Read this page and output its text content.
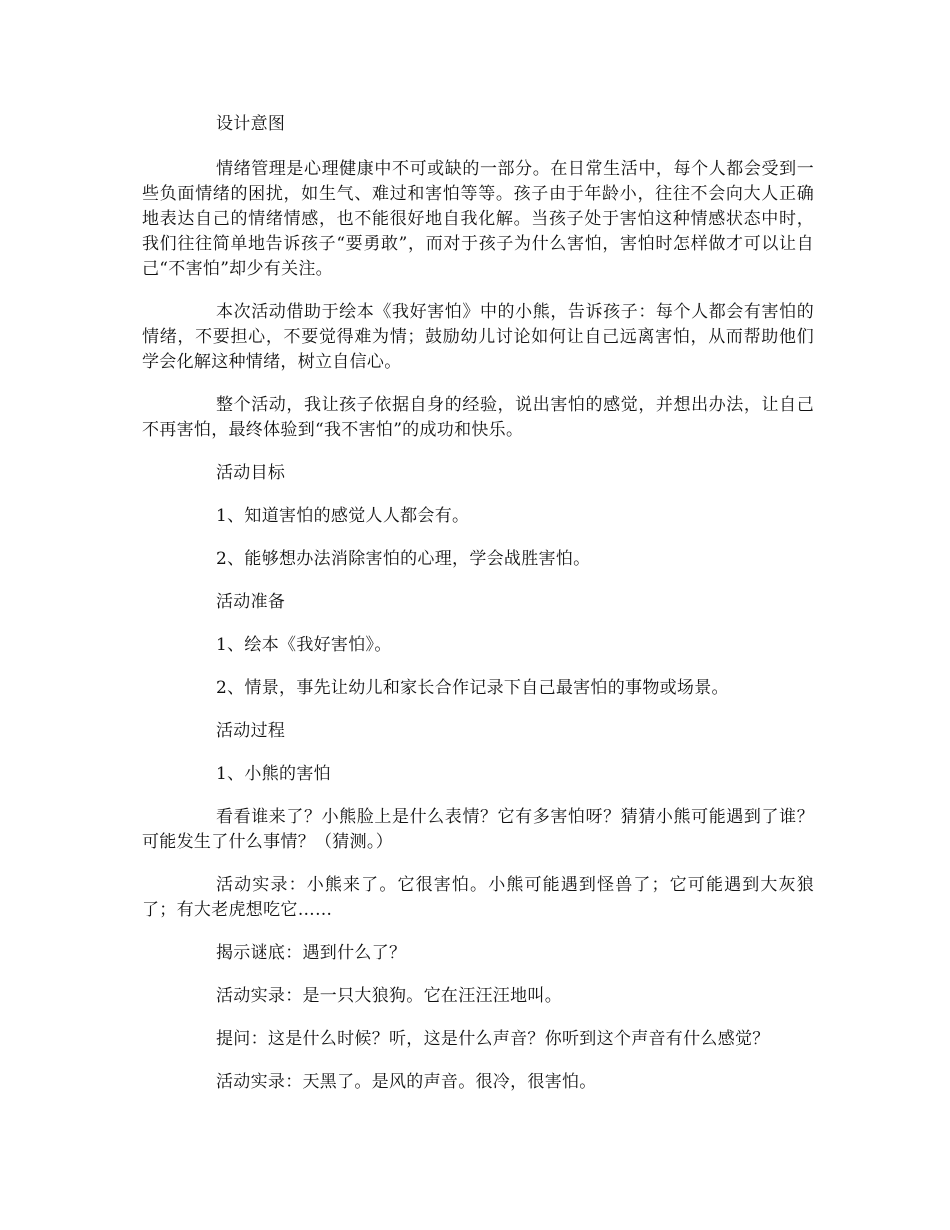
设计意图

情绪管理是心理健康中不可或缺的一部分。在日常生活中，每个人都会受到一些负面情绪的困扰，如生气、难过和害怕等等。孩子由于年龄小，往往不会向大人正确地表达自己的情绪情感，也不能很好地自我化解。当孩子处于害怕这种情感状态中时，我们往往简单地告诉孩子“要勇敢”，而对于孩子为什么害怕，害怕时怎样做才可以让自己“不害怕”却少有关注。

本次活动借助于绘本《我好害怕》中的小熊，告诉孩子：每个人都会有害怕的情绪，不要担心，不要觉得难为情；鼓励幼儿讨论如何让自己远离害怕，从而帮助他们学会化解这种情绪，树立自信心。

整个活动，我让孩子依据自身的经验，说出害怕的感觉，并想出办法，让自己不再害怕，最终体验到“我不害怕”的成功和快乐。

活动目标

1、知道害怕的感觉人人都会有。

2、能够想办法消除害怕的心理，学会战胜害怕。

活动准备

1、绘本《我好害怕》。

2、情景，事先让幼儿和家长合作记录下自己最害怕的事物或场景。

活动过程

1、小熊的害怕

看看谁来了？小熊脸上是什么表情？它有多害怕呀？猜猜小熊可能遇到了谁？可能发生了什么事情？（猜测。）

活动实录：小熊来了。它很害怕。小熊可能遇到怪兽了；它可能遇到大灰狼了；有大老虎想吃它……

揭示谜底：遇到什么了？

活动实录：是一只大狼狗。它在汪汪汪地叫。

提问：这是什么时候？听，这是什么声音？你听到这个声音有什么感觉？

活动实录：天黑了。是风的声音。很冷，很害怕。
